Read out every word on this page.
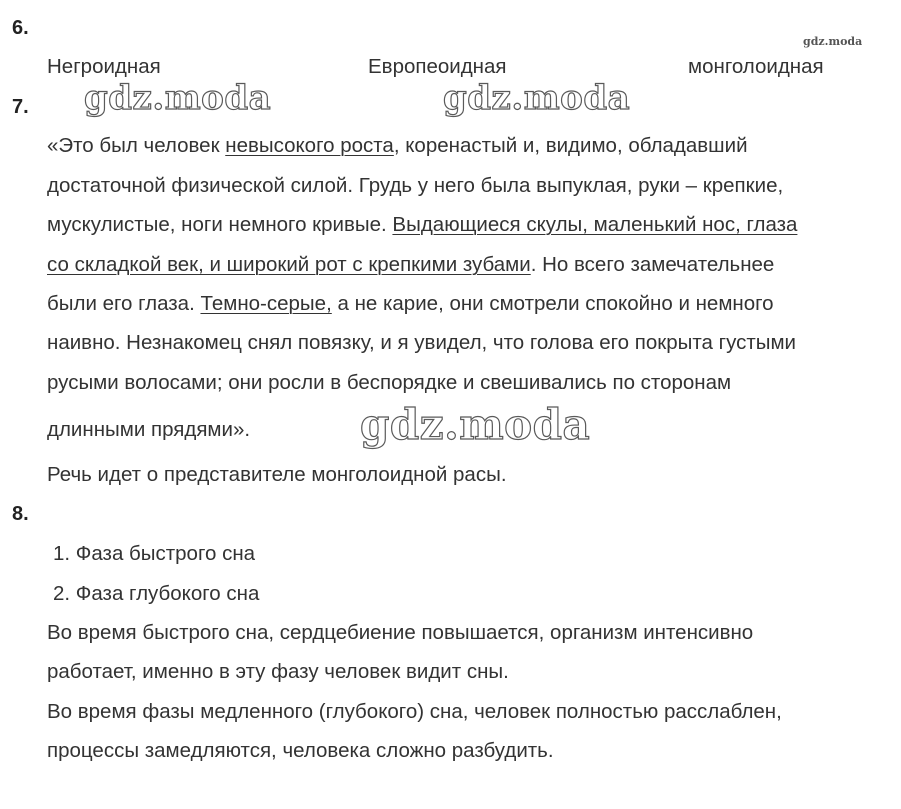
gdz.moda
gdz.moda	gdz.moda
gdz.moda
6.
Негроидная	Европеоидная	монголоидная
7.
«Это был человек невысокого роста, коренастый и, видимо, обладавший
достаточной физической силой. Грудь у него была выпуклая, руки – крепкие,
мускулистые, ноги немного кривые. Выдающиеся скулы, маленький нос, глаза
со складкой век, и широкий рот с крепкими зубами. Но всего замечательнее
были его глаза. Темно-серые, а не карие, они смотрели спокойно и немного
наивно. Незнакомец снял повязку, и я увидел, что голова его покрыта густыми
русыми волосами; они росли в беспорядке и свешивались по сторонам
длинными прядями».
Речь идет о представителе монголоидной расы.
8.
1. Фаза быстрого сна
2. Фаза глубокого сна
Во время быстрого сна, сердцебиение повышается, организм интенсивно
работает, именно в эту фазу человек видит сны.
Во время фазы медленного (глубокого) сна, человек полностью расслаблен,
процессы замедляются, человека сложно разбудить.
